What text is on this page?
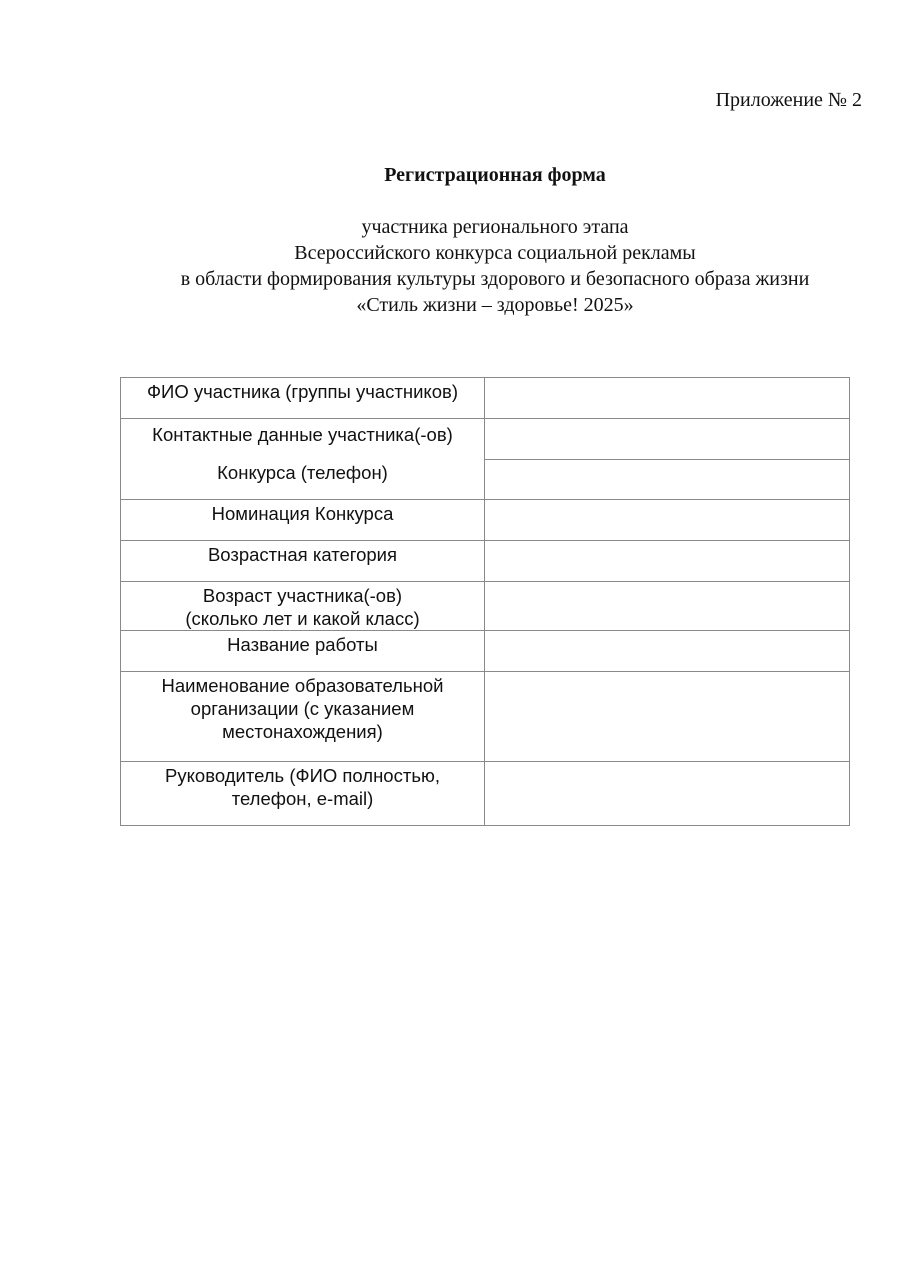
Приложение № 2
Регистрационная форма
участника регионального этапа
Всероссийского конкурса социальной рекламы
в области формирования культуры здорового и безопасного образа жизни
«Стиль жизни – здоровье! 2025»
ФИО участника (группы участников)	

Контактные данные участника(-ов)
Конкурса (телефон)	

Номинация Конкурса	

Возрастная категория	

Возраст участника(-ов)
(сколько лет и какой класс)	

Название работы	

Наименование образовательной
организации (с указанием
местонахождения)	

Руководитель (ФИО полностью,
телефон, e-mail)	
